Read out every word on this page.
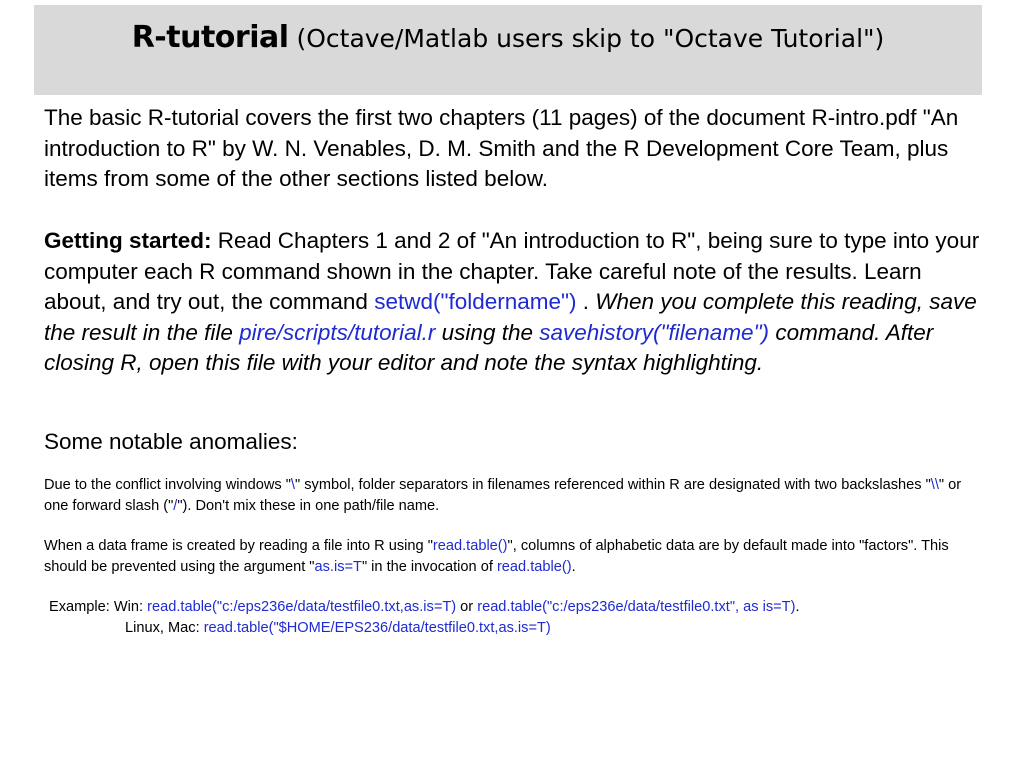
R-tutorial (Octave/Matlab users skip to "Octave Tutorial")
The basic R-tutorial covers the first two chapters (11 pages) of the document R-intro.pdf "An introduction to R" by W. N. Venables, D. M. Smith and the R Development Core Team, plus items from some of the other sections listed below.
Getting started: Read Chapters 1 and 2 of "An introduction to R", being sure to type into your computer each R command shown in the chapter. Take careful note of the results. Learn about, and try out, the command setwd("foldername") . When you complete this reading, save the result in the file pire/scripts/tutorial.r using the savehistory("filename") command. After closing R, open this file with your editor and note the syntax highlighting.
Some notable anomalies:
Due to the conflict involving windows "\" symbol, folder separators in filenames referenced within R are designated with two backslashes "\\" or one forward slash ("/"). Don't mix these in one path/file name.
When a data frame is created by reading a file into R using "read.table()", columns of alphabetic data are by default made into "factors". This should be prevented using the argument "as.is=T" in the invocation of read.table().
Example: Win: read.table("c:/eps236e/data/testfile0.txt,as.is=T) or read.table("c:/eps236e/data/testfile0.txt", as is=T).
Linux, Mac: read.table("$HOME/EPS236/data/testfile0.txt,as.is=T)
